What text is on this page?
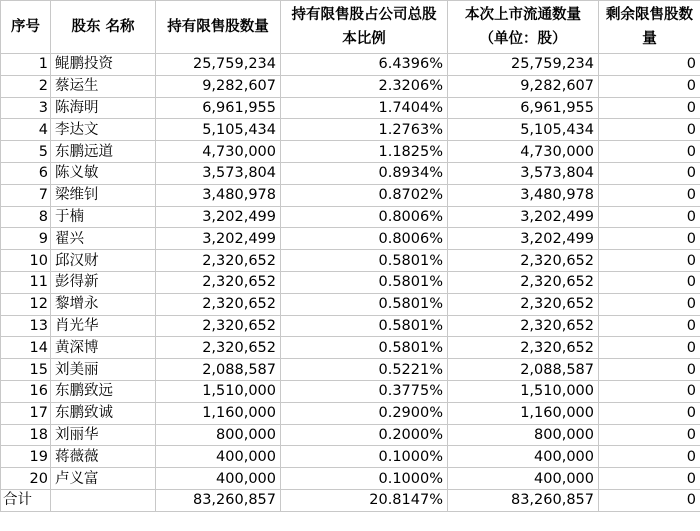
序号	股东 名称	持有限售股数量	持有限售股占公司总股本比例	本次上市流通数量（单位：股）	剩余限售股数量
1	鲲鹏投资	25,759,234	6.4396%	25,759,234	0
2	蔡运生	9,282,607	2.3206%	9,282,607	0
3	陈海明	6,961,955	1.7404%	6,961,955	0
4	李达文	5,105,434	1.2763%	5,105,434	0
5	东鹏远道	4,730,000	1.1825%	4,730,000	0
6	陈义敏	3,573,804	0.8934%	3,573,804	0
7	梁维钊	3,480,978	0.8702%	3,480,978	0
8	于楠	3,202,499	0.8006%	3,202,499	0
9	翟兴	3,202,499	0.8006%	3,202,499	0
10	邱汉财	2,320,652	0.5801%	2,320,652	0
11	彭得新	2,320,652	0.5801%	2,320,652	0
12	黎增永	2,320,652	0.5801%	2,320,652	0
13	肖光华	2,320,652	0.5801%	2,320,652	0
14	黄深博	2,320,652	0.5801%	2,320,652	0
15	刘美丽	2,088,587	0.5221%	2,088,587	0
16	东鹏致远	1,510,000	0.3775%	1,510,000	0
17	东鹏致诚	1,160,000	0.2900%	1,160,000	0
18	刘丽华	800,000	0.2000%	800,000	0
19	蒋薇薇	400,000	0.1000%	400,000	0
20	卢义富	400,000	0.1000%	400,000	0
合计		83,260,857	20.8147%	83,260,857	0
